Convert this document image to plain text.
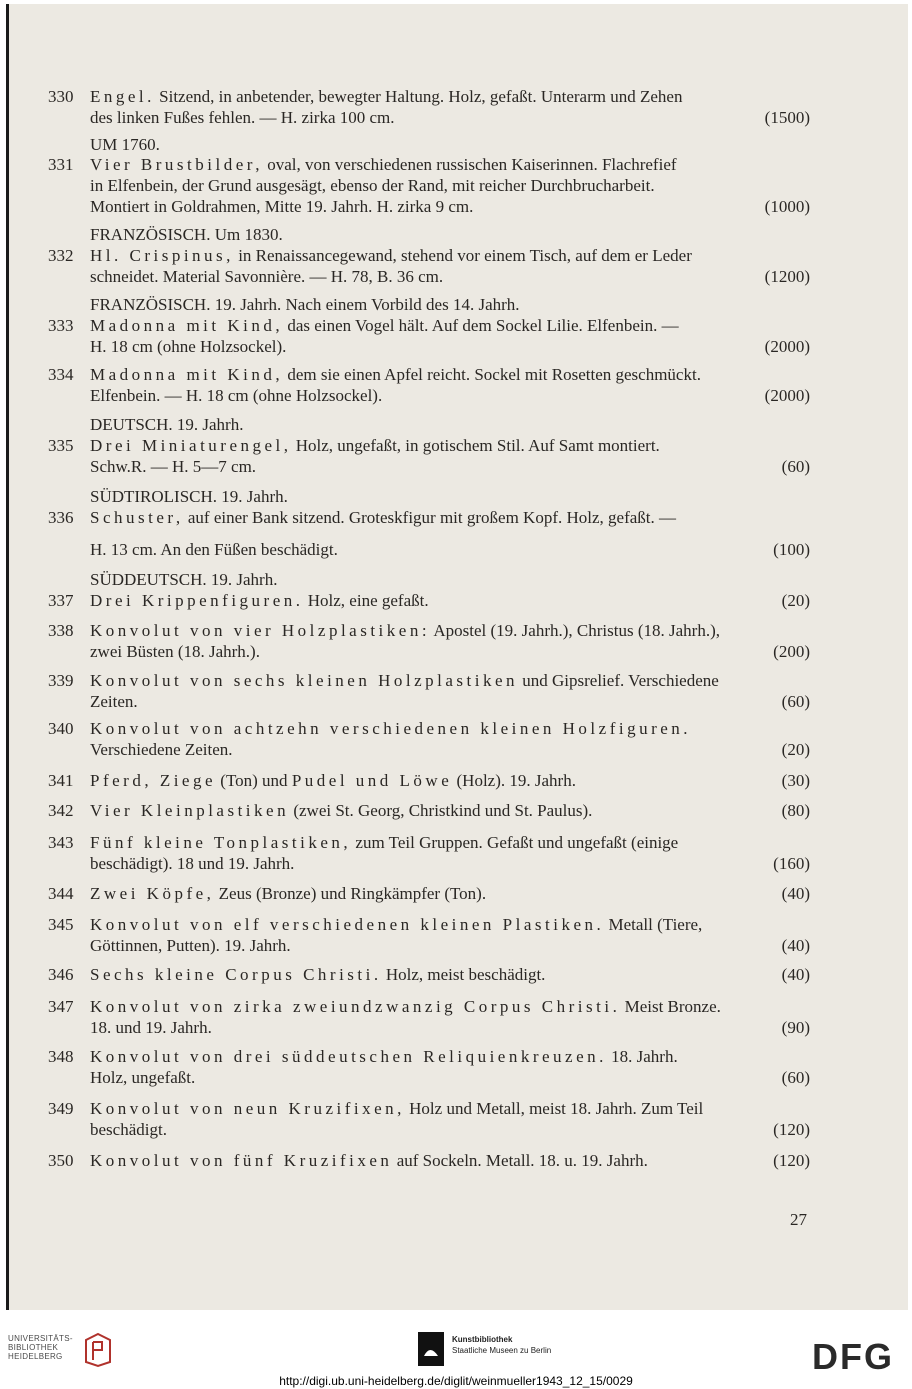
330 Engel. Sitzend, in anbetender, bewegter Haltung. Holz, gefaßt. Unterarm und Zehen
des linken Fußes fehlen. — H. zirka 100 cm.	(1500)
UM 1760.
331 Vier Brustbilder, oval, von verschiedenen russischen Kaiserinnen. Flachrefief
in Elfenbein, der Grund ausgesägt, ebenso der Rand, mit reicher Durchbrucharbeit.
Montiert in Goldrahmen, Mitte 19. Jahrh. H. zirka 9 cm.	(1000)
FRANZÖSISCH. Um 1830.
332 Hl. Crispinus, in Renaissancegewand, stehend vor einem Tisch, auf dem er Leder
schneidet. Material Savonnière. — H. 78, B. 36 cm.	(1200)
FRANZÖSISCH. 19. Jahrh. Nach einem Vorbild des 14. Jahrh.
333 Madonna mit Kind, das einen Vogel hält. Auf dem Sockel Lilie. Elfenbein. —
H. 18 cm (ohne Holzsockel).	(2000)
334 Madonna mit Kind, dem sie einen Apfel reicht. Sockel mit Rosetten geschmückt.
Elfenbein. — H. 18 cm (ohne Holzsockel).	(2000)
DEUTSCH. 19. Jahrh.
335 Drei Miniaturengel, Holz, ungefaßt, in gotischem Stil. Auf Samt montiert.
Schw.R. — H. 5—7 cm.	(60)
SÜDTIROLISCH. 19. Jahrh.
336 Schuster, auf einer Bank sitzend. Groteskfigur mit großem Kopf. Holz, gefaßt. —
H. 13 cm. An den Füßen beschädigt.	(100)
SÜDDEUTSCH. 19. Jahrh.
337 Drei Krippenfiguren. Holz, eine gefaßt.	(20)
338 Konvolut von vier Holzplastiken: Apostel (19. Jahrh.), Christus (18. Jahrh.),
zwei Büsten (18. Jahrh.).	(200)
339 Konvolut von sechs kleinen Holzplastiken und Gipsrelief. Verschiedene
Zeiten.	(60)
340 Konvolut von achtzehn verschiedenen kleinen Holzfiguren.
Verschiedene Zeiten.	(20)
341 Pferd, Ziege (Ton) und Pudel und Löwe (Holz). 19. Jahrh.	(30)
342 Vier Kleinplastiken (zwei St. Georg, Christkind und St. Paulus).	(80)
343 Fünf kleine Tonplastiken, zum Teil Gruppen. Gefaßt und ungefaßt (einige
beschädigt). 18 und 19. Jahrh.	(160)
344 Zwei Köpfe, Zeus (Bronze) und Ringkämpfer (Ton).	(40)
345 Konvolut von elf verschiedenen kleinen Plastiken. Metall (Tiere,
Göttinnen, Putten). 19. Jahrh.	(40)
346 Sechs kleine Corpus Christi. Holz, meist beschädigt.	(40)
347 Konvolut von zirka zweiundzwanzig Corpus Christi. Meist Bronze.
18. und 19. Jahrh.	(90)
348 Konvolut von drei süddeutschen Reliquienkreuzen. 18. Jahrh.
Holz, ungefaßt.	(60)
349 Konvolut von neun Kruzifixen, Holz und Metall, meist 18. Jahrh. Zum Teil
beschädigt.	(120)
350 Konvolut von fünf Kruzifixen auf Sockeln. Metall. 18. u. 19. Jahrh.	(120)
27
UNIVERSITÄTS-
BIBLIOTHEK
HEIDELBERG
Kunstbibliothek
Staatliche Museen zu Berlin	DFG
http://digi.ub.uni-heidelberg.de/diglit/weinmueller1943_12_15/0029
